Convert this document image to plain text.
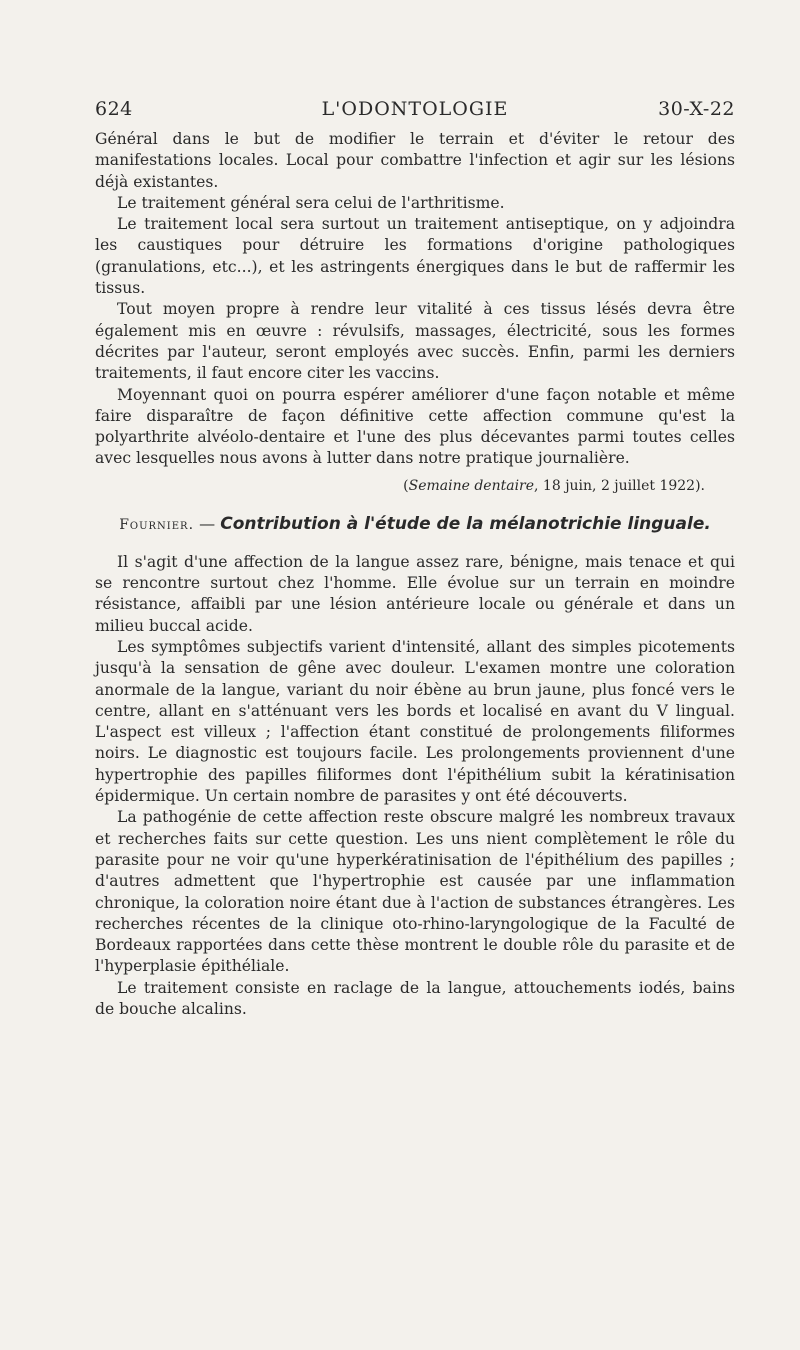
624	L'ODONTOLOGIE	30-X-22

Général dans le but de modifier le terrain et d'éviter le retour des manifestations locales. Local pour combattre l'infection et agir sur les lésions déjà existantes.

Le traitement général sera celui de l'arthritisme.

Le traitement local sera surtout un traitement antiseptique, on y adjoindra les caustiques pour détruire les formations d'origine pathologiques (granulations, etc...), et les astringents énergiques dans le but de raffermir les tissus.

Tout moyen propre à rendre leur vitalité à ces tissus lésés devra être également mis en œuvre : révulsifs, massages, électricité, sous les formes décrites par l'auteur, seront employés avec succès. Enfin, parmi les derniers traitements, il faut encore citer les vaccins.

Moyennant quoi on pourra espérer améliorer d'une façon notable et même faire disparaître de façon définitive cette affection commune qu'est la polyarthrite alvéolo-dentaire et l'une des plus décevantes parmi toutes celles avec lesquelles nous avons à lutter dans notre pratique journalière.

(Semaine dentaire, 18 juin, 2 juillet 1922).
Fournier. — Contribution à l'étude de la mélanotrichie linguale.

Il s'agit d'une affection de la langue assez rare, bénigne, mais tenace et qui se rencontre surtout chez l'homme. Elle évolue sur un terrain en moindre résistance, affaibli par une lésion antérieure locale ou générale et dans un milieu buccal acide.

Les symptômes subjectifs varient d'intensité, allant des simples picotements jusqu'à la sensation de gêne avec douleur. L'examen montre une coloration anormale de la langue, variant du noir ébène au brun jaune, plus foncé vers le centre, allant en s'atténuant vers les bords et localisé en avant du V lingual. L'aspect est villeux ; l'affection étant constitué de prolongements filiformes noirs. Le diagnostic est toujours facile. Les prolongements proviennent d'une hypertrophie des papilles filiformes dont l'épithélium subit la kératinisation épidermique. Un certain nombre de parasites y ont été découverts.

La pathogénie de cette affection reste obscure malgré les nombreux travaux et recherches faits sur cette question. Les uns nient complètement le rôle du parasite pour ne voir qu'une hyperkératinisation de l'épithélium des papilles ; d'autres admettent que l'hypertrophie est causée par une inflammation chronique, la coloration noire étant due à l'action de substances étrangères. Les recherches récentes de la clinique oto-rhino-laryngologique de la Faculté de Bordeaux rapportées dans cette thèse montrent le double rôle du parasite et de l'hyperplasie épithéliale.

Le traitement consiste en raclage de la langue, attouchements iodés, bains de bouche alcalins.
